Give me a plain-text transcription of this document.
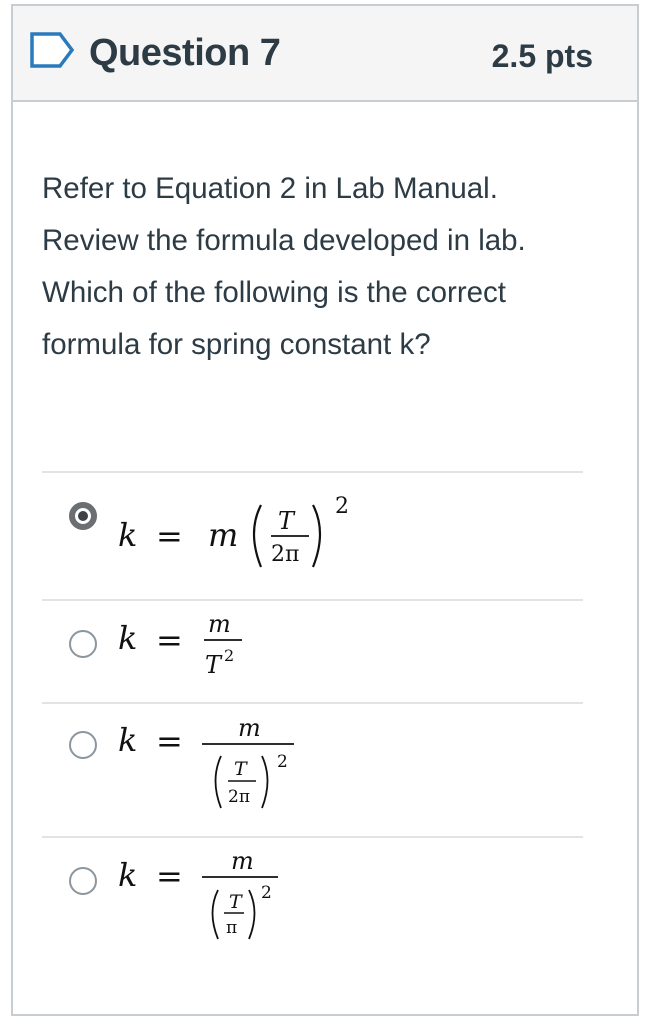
Question 7	2.5 pts
Refer to Equation 2 in Lab Manual. Review the formula developed in lab. Which of the following is the correct formula for spring constant k?
k = m T
2π
2
k = m
T 2
k = m
T
2π
2
k = m
T
π
2
